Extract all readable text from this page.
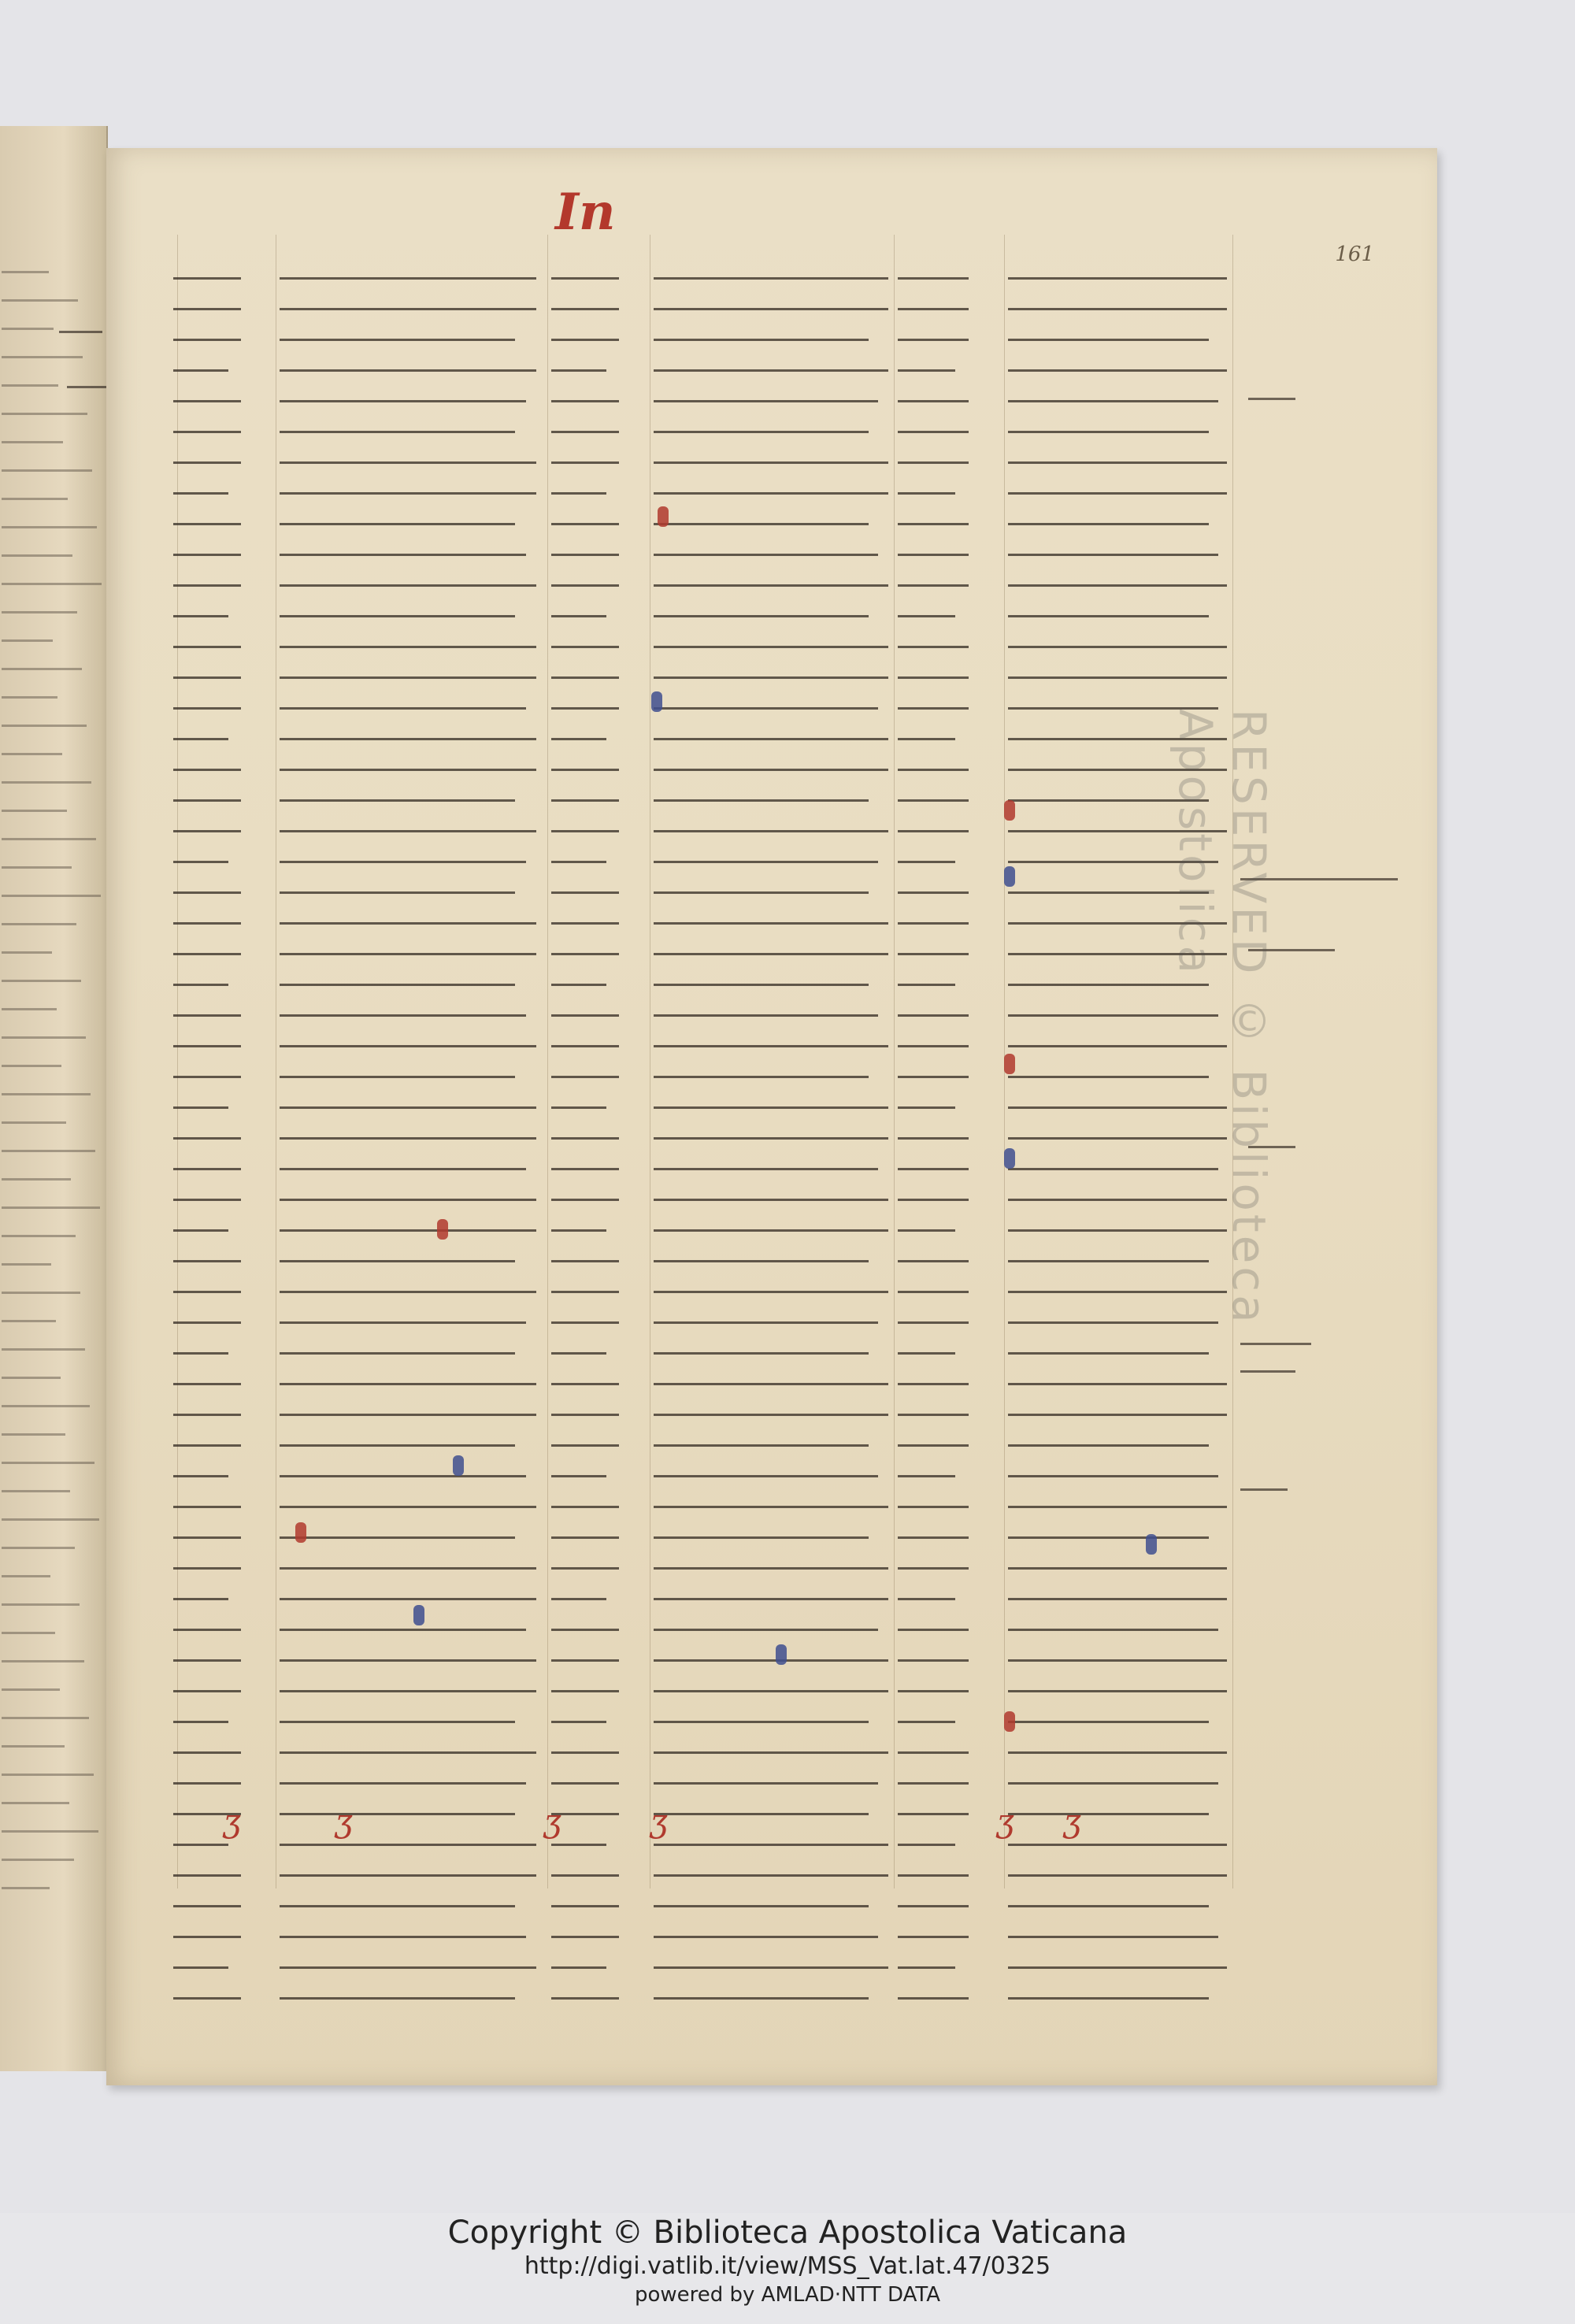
In
161
ʒ	ʒ	ʒ	ʒ	ʒ ʒ
RESERVED © Biblioteca Apostolica
Copyright © Biblioteca Apostolica Vaticana
http://digi.vatlib.it/view/MSS_Vat.lat.47/0325
powered by AMLAD·NTT DATA
